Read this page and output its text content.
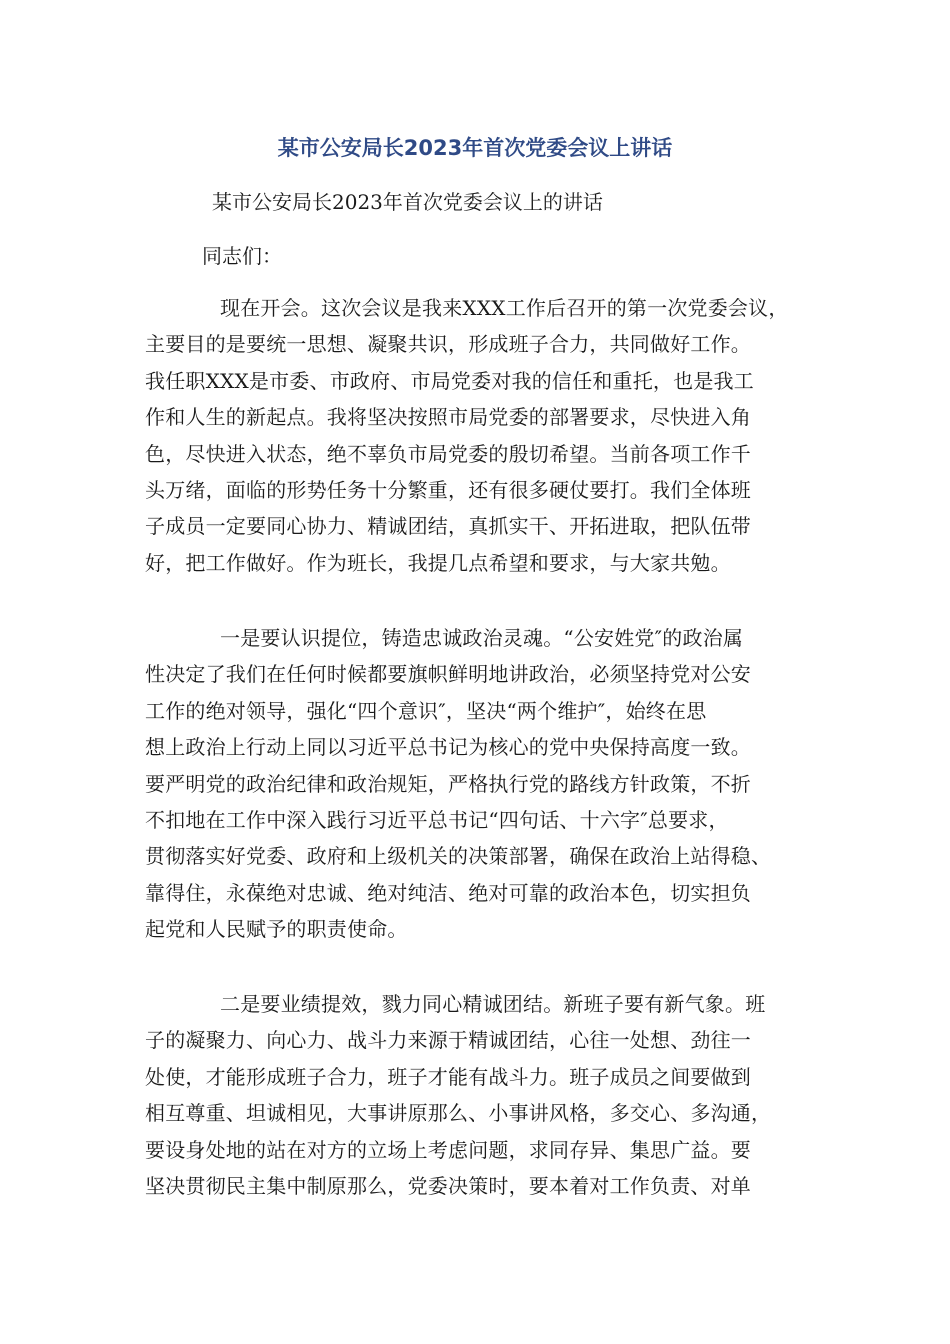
某市公安局长2023年首次党委会议上讲话

某市公安局长2023年首次党委会议上的讲话

同志们：

现在开会。这次会议是我来XXX工作后召开的第一次党委会议，
主要目的是要统一思想、凝聚共识，形成班子合力，共同做好工作。
我任职XXX是市委、市政府、市局党委对我的信任和重托，也是我工
作和人生的新起点。我将坚决按照市局党委的部署要求，尽快进入角
色，尽快进入状态，绝不辜负市局党委的殷切希望。当前各项工作千
头万绪，面临的形势任务十分繁重，还有很多硬仗要打。我们全体班
子成员一定要同心协力、精诚团结，真抓实干、开拓进取，把队伍带
好，把工作做好。作为班长，我提几点希望和要求，与大家共勉。
一是要认识提位，铸造忠诚政治灵魂。“公安姓党″的政治属
性决定了我们在任何时候都要旗帜鲜明地讲政治，必须坚持党对公安
工作的绝对领导，强化“四个意识″，坚决“两个维护″，始终在思
想上政治上行动上同以习近平总书记为核心的党中央保持高度一致。
要严明党的政治纪律和政治规矩，严格执行党的路线方针政策，不折
不扣地在工作中深入践行习近平总书记“四句话、十六字″总要求，
贯彻落实好党委、政府和上级机关的决策部署，确保在政治上站得稳、
靠得住，永葆绝对忠诚、绝对纯洁、绝对可靠的政治本色，切实担负
起党和人民赋予的职责使命。
二是要业绩提效，戮力同心精诚团结。新班子要有新气象。班
子的凝聚力、向心力、战斗力来源于精诚团结，心往一处想、劲往一
处使，才能形成班子合力，班子才能有战斗力。班子成员之间要做到
相互尊重、坦诚相见，大事讲原那么、小事讲风格，多交心、多沟通，
要设身处地的站在对方的立场上考虑问题，求同存异、集思广益。要
坚决贯彻民主集中制原那么，党委决策时，要本着对工作负责、对单
